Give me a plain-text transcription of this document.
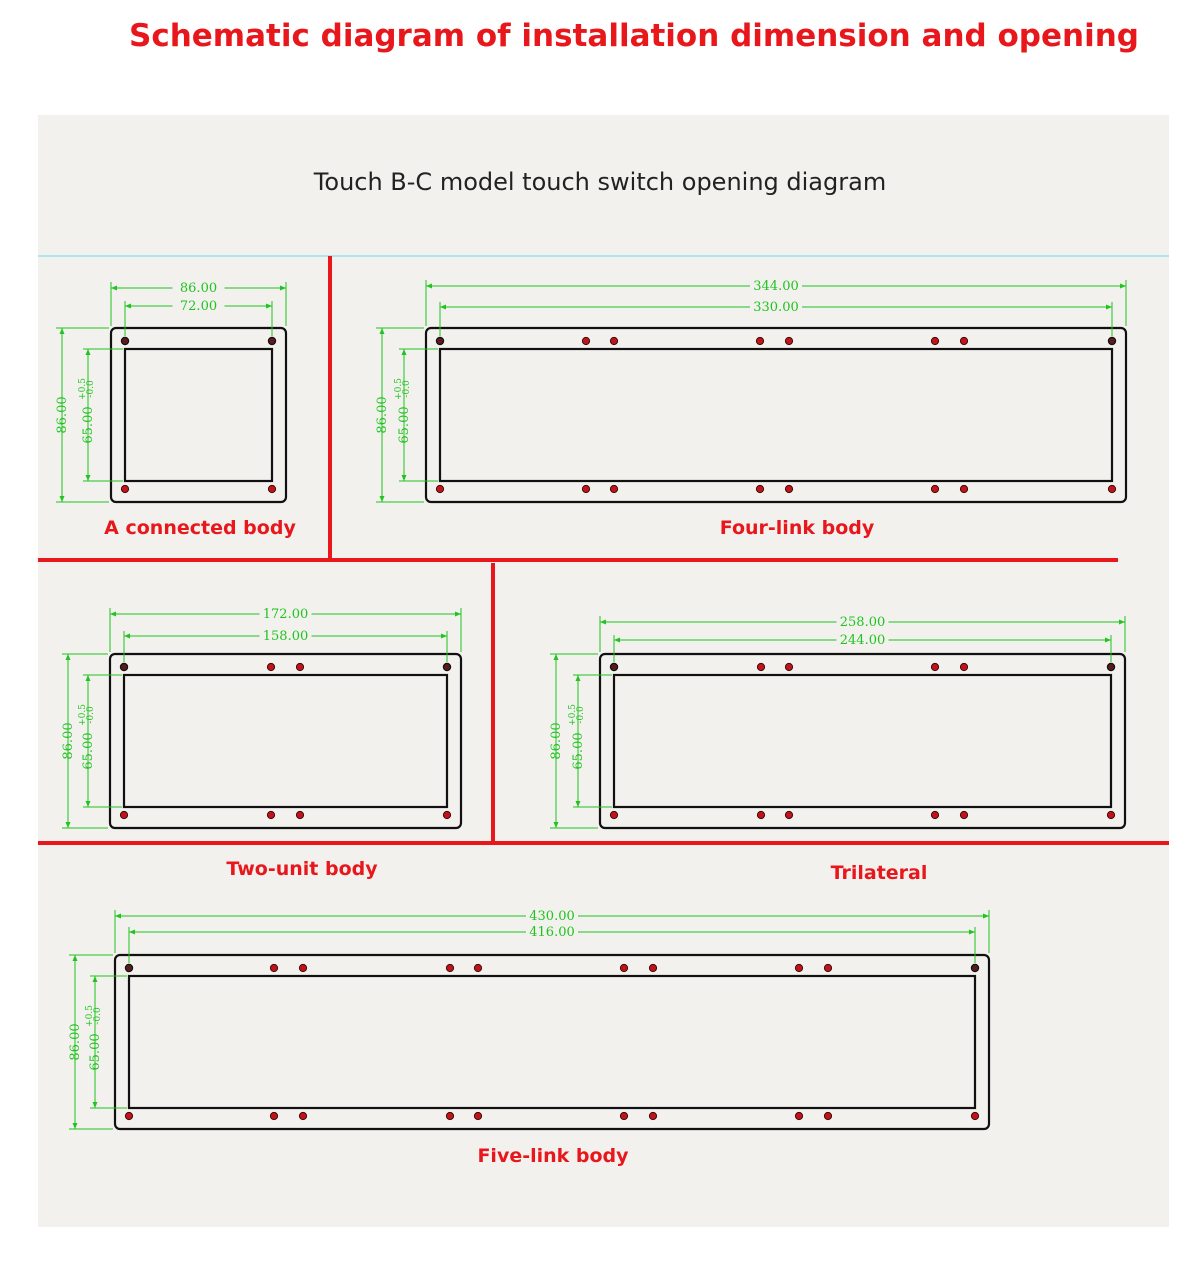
Schematic diagram of installation dimension and opening
Touch B-C model touch switch opening diagram
86.00
72.00
86.00 65.00
+0.5
-0.0
344.00
330.00
86.00 65.00
+0.5
-0.0
172.00
158.00
86.00 65.00
+0.5
-0.0
258.00
244.00
86.00 65.00
+0.5
-0.0
430.00
416.00
86.00 65.00
+0.5
-0.0
A connected body	Four-link body
Two-unit body	Trilateral
Five-link body
